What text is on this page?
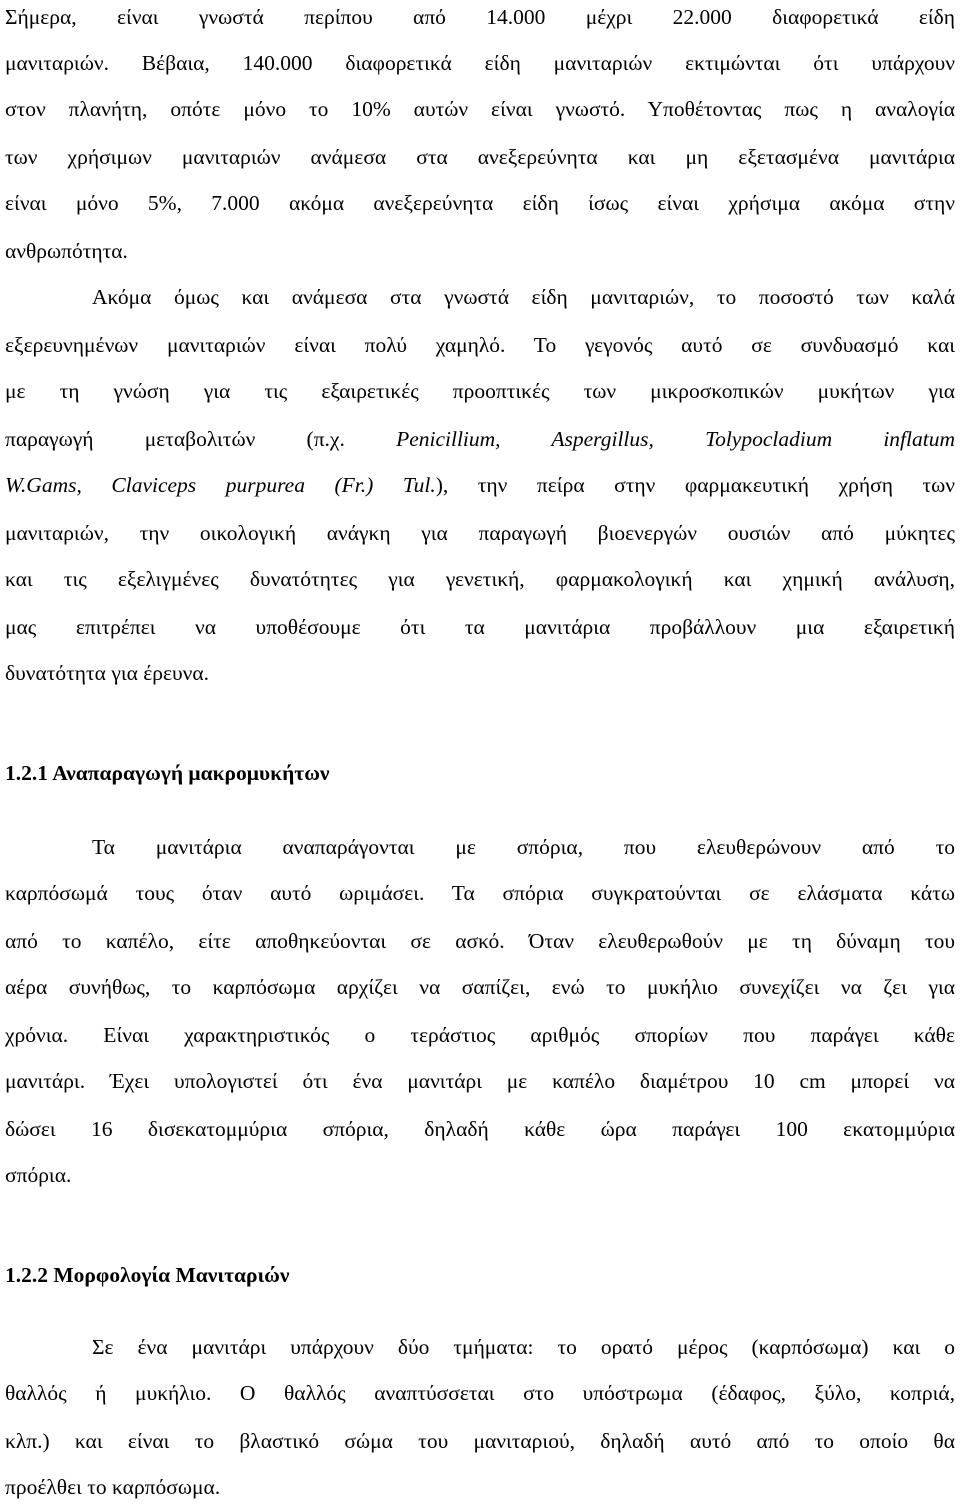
Σήμερα, είναι γνωστά περίπου από 14.000 μέχρι 22.000 διαφορετικά είδη
μανιταριών. Βέβαια, 140.000 διαφορετικά είδη μανιταριών εκτιμώνται ότι υπάρχουν
στον πλανήτη, οπότε μόνο το 10% αυτών είναι γνωστό. Υποθέτοντας πως η αναλογία
των χρήσιμων μανιταριών ανάμεσα στα ανεξερεύνητα και μη εξετασμένα μανιτάρια
είναι μόνο 5%, 7.000 ακόμα ανεξερεύνητα είδη ίσως είναι χρήσιμα ακόμα στην
ανθρωπότητα.
Ακόμα όμως και ανάμεσα στα γνωστά είδη μανιταριών, το ποσοστό των καλά
εξερευνημένων μανιταριών είναι πολύ χαμηλό. Το γεγονός αυτό σε συνδυασμό και
με τη γνώση για τις εξαιρετικές προοπτικές των μικροσκοπικών μυκήτων για
παραγωγή μεταβολιτών (π.χ. Penicillium, Aspergillus, Tolypocladium inflatum
W.Gams, Claviceps purpurea (Fr.) Tul.), την πείρα στην φαρμακευτική χρήση των
μανιταριών, την οικολογική ανάγκη για παραγωγή βιοενεργών ουσιών από μύκητες
και τις εξελιγμένες δυνατότητες για γενετική, φαρμακολογική και χημική ανάλυση,
μας επιτρέπει να υποθέσουμε ότι τα μανιτάρια προβάλλουν μια εξαιρετική
δυνατότητα για έρευνα.
1.2.1 Αναπαραγωγή μακρομυκήτων
Τα μανιτάρια αναπαράγονται με σπόρια, που ελευθερώνουν από το
καρπόσωμά τους όταν αυτό ωριμάσει. Τα σπόρια συγκρατούνται σε ελάσματα κάτω
από το καπέλο, είτε αποθηκεύονται σε ασκό. Όταν ελευθερωθούν με τη δύναμη του
αέρα συνήθως, το καρπόσωμα αρχίζει να σαπίζει, ενώ το μυκήλιο συνεχίζει να ζει για
χρόνια. Είναι χαρακτηριστικός ο τεράστιος αριθμός σπορίων που παράγει κάθε
μανιτάρι. Έχει υπολογιστεί ότι ένα μανιτάρι με καπέλο διαμέτρου 10 cm μπορεί να
δώσει 16 δισεκατομμύρια σπόρια, δηλαδή κάθε ώρα παράγει 100 εκατομμύρια
σπόρια.
1.2.2 Μορφολογία Μανιταριών
Σε ένα μανιτάρι υπάρχουν δύο τμήματα: το ορατό μέρος (καρπόσωμα) και ο
θαλλός ή μυκήλιο. Ο θαλλός αναπτύσσεται στο υπόστρωμα (έδαφος, ξύλο, κοπριά,
κλπ.) και είναι το βλαστικό σώμα του μανιταριού, δηλαδή αυτό από το οποίο θα
προέλθει το καρπόσωμα.
